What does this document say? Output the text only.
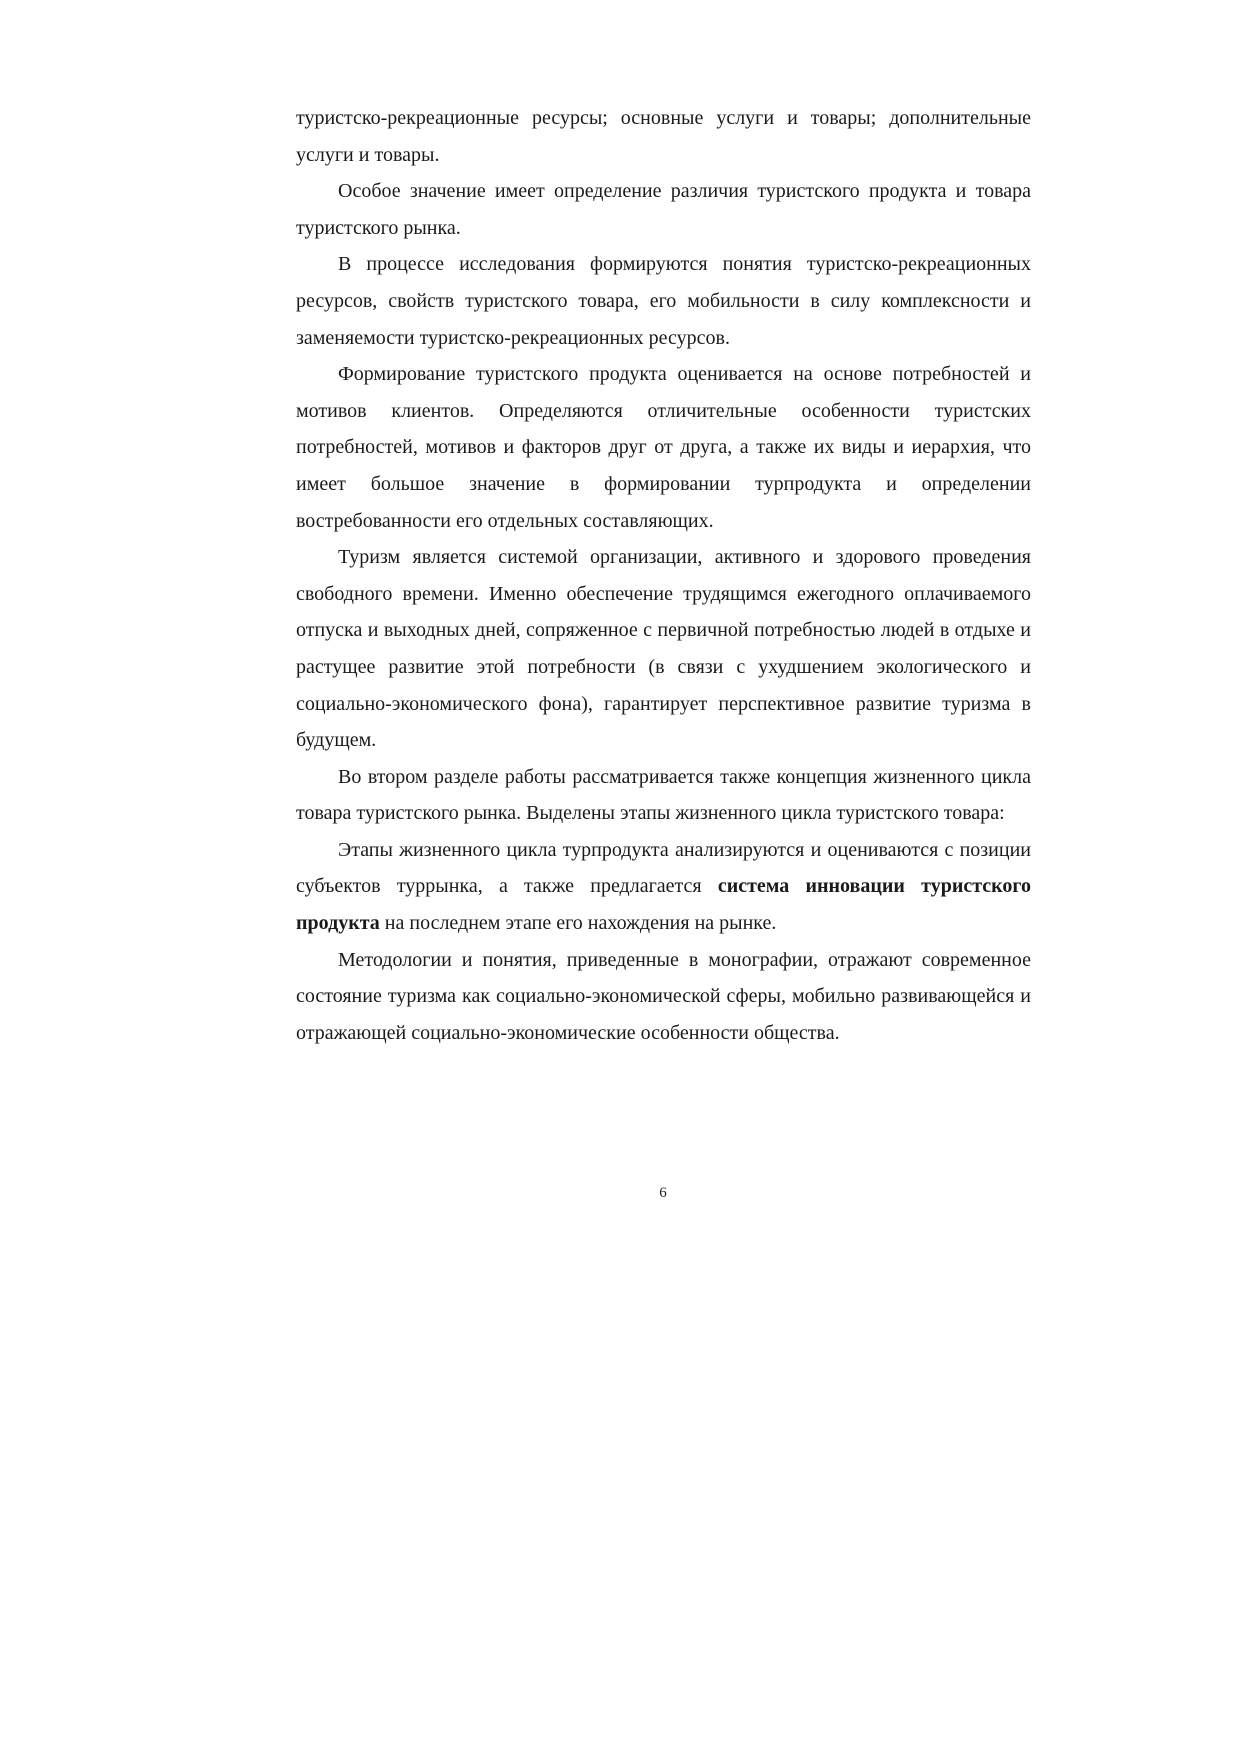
туристско-рекреационные ресурсы; основные услуги и товары; дополнительные услуги и товары.

Особое значение имеет определение различия туристского продукта и товара туристского рынка.

В процессе исследования формируются понятия туристско-рекреационных ресурсов, свойств туристского товара, его мобильности в силу комплексности и заменяемости туристско-рекреационных ресурсов.

Формирование туристского продукта оценивается на основе потребностей и мотивов клиентов. Определяются отличительные особенности туристских потребностей, мотивов и факторов друг от друга, а также их виды и иерархия, что имеет большое значение в формировании турпродукта и определении востребованности его отдельных составляющих.

Туризм является системой организации, активного и здорового проведения свободного времени. Именно обеспечение трудящимся ежегодного оплачиваемого отпуска и выходных дней, сопряженное с первичной потребностью людей в отдыхе и растущее развитие этой потребности (в связи с ухудшением экологического и социально-экономического фона), гарантирует перспективное развитие туризма в будущем.

Во втором разделе работы рассматривается также концепция жизненного цикла товара туристского рынка. Выделены этапы жизненного цикла туристского товара:

Этапы жизненного цикла турпродукта анализируются и оцениваются с позиции субъектов туррынка, а также предлагается система инновации туристского продукта на последнем этапе его нахождения на рынке.

Методологии и понятия, приведенные в монографии, отражают современное состояние туризма как социально-экономической сферы, мобильно развивающейся и отражающей социально-экономические особенности общества.

6
